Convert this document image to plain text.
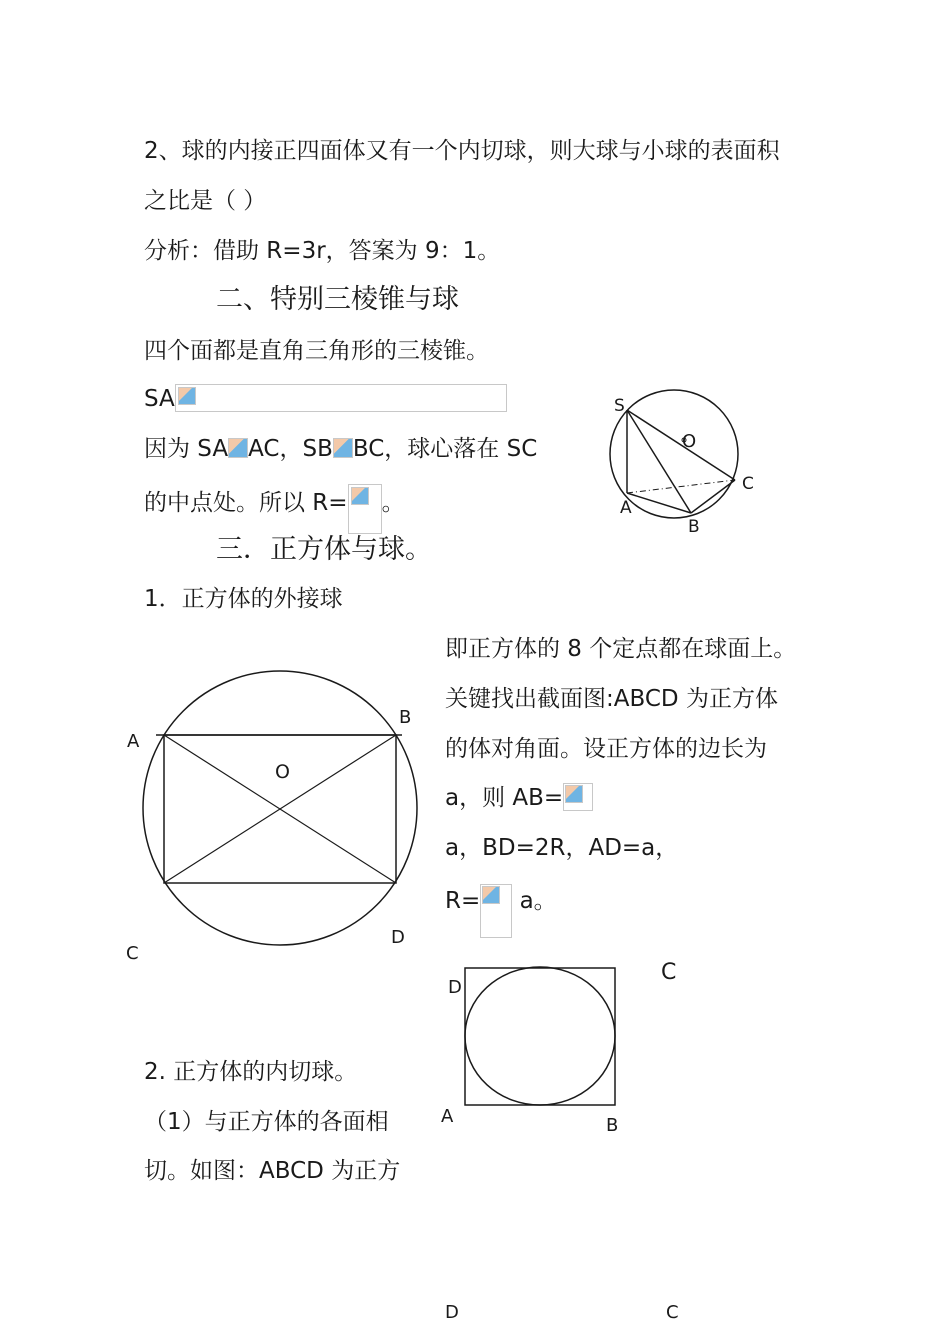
2、球的内接正四面体又有一个内切球，则大球与小球的表面积
之比是（ ）
分析：借助 R=3r，答案为 9：1。
二、特别三棱锥与球
四个面都是直角三角形的三棱锥。
SA
因为 SA AC，SB BC，球心落在 SC
的中点处。所以 R= 。
S
O
C
A
B
三．正方体与球。
1．正方体的外接球
即正方体的 8 个定点都在球面上。
关键找出截面图:ABCD 为正方体
的体对角面。设正方体的边长为
a，则 AB=
a，BD=2R，AD=a，
R= a。
A
B
O
C
D
D
C
A	B
2. 正方体的内切球。
（1）与正方体的各面相
切。如图：ABCD 为正方
D	C
